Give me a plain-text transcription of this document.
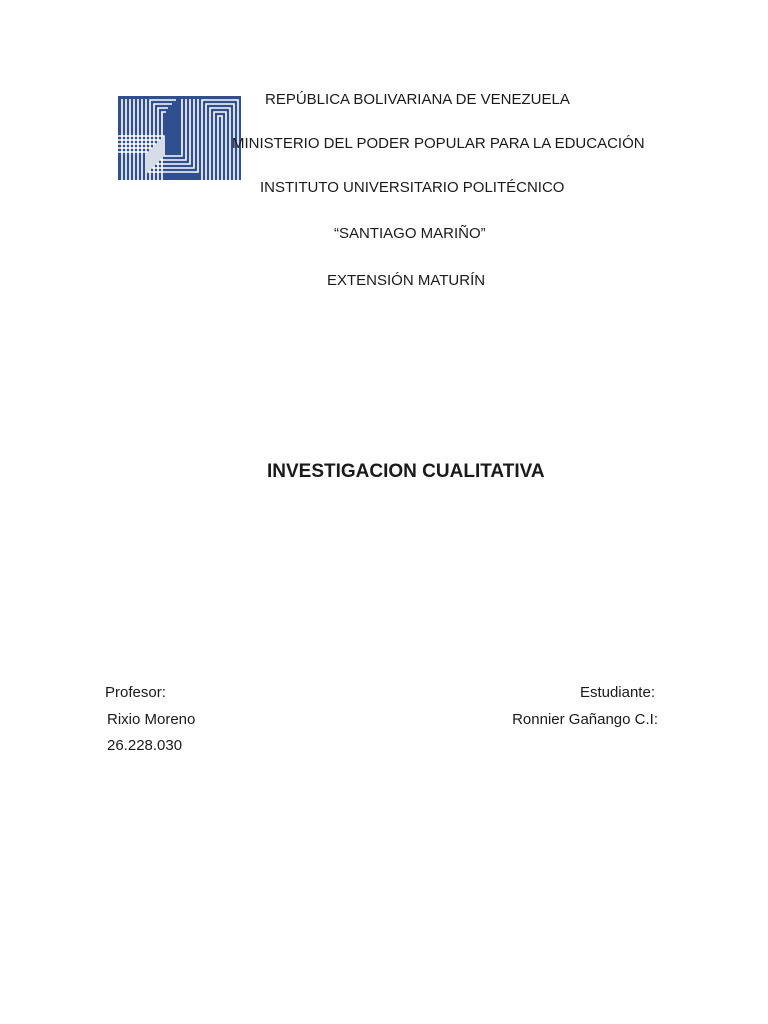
REPÚBLICA BOLIVARIANA DE VENEZUELA
MINISTERIO DEL PODER POPULAR PARA LA EDUCACIÓN
INSTITUTO UNIVERSITARIO POLITÉCNICO
“SANTIAGO MARIÑO”
EXTENSIÓN MATURÍN
INVESTIGACION CUALITATIVA
Profesor:
Rixio Moreno
26.228.030
Estudiante:
Ronnier Gañango C.I:
